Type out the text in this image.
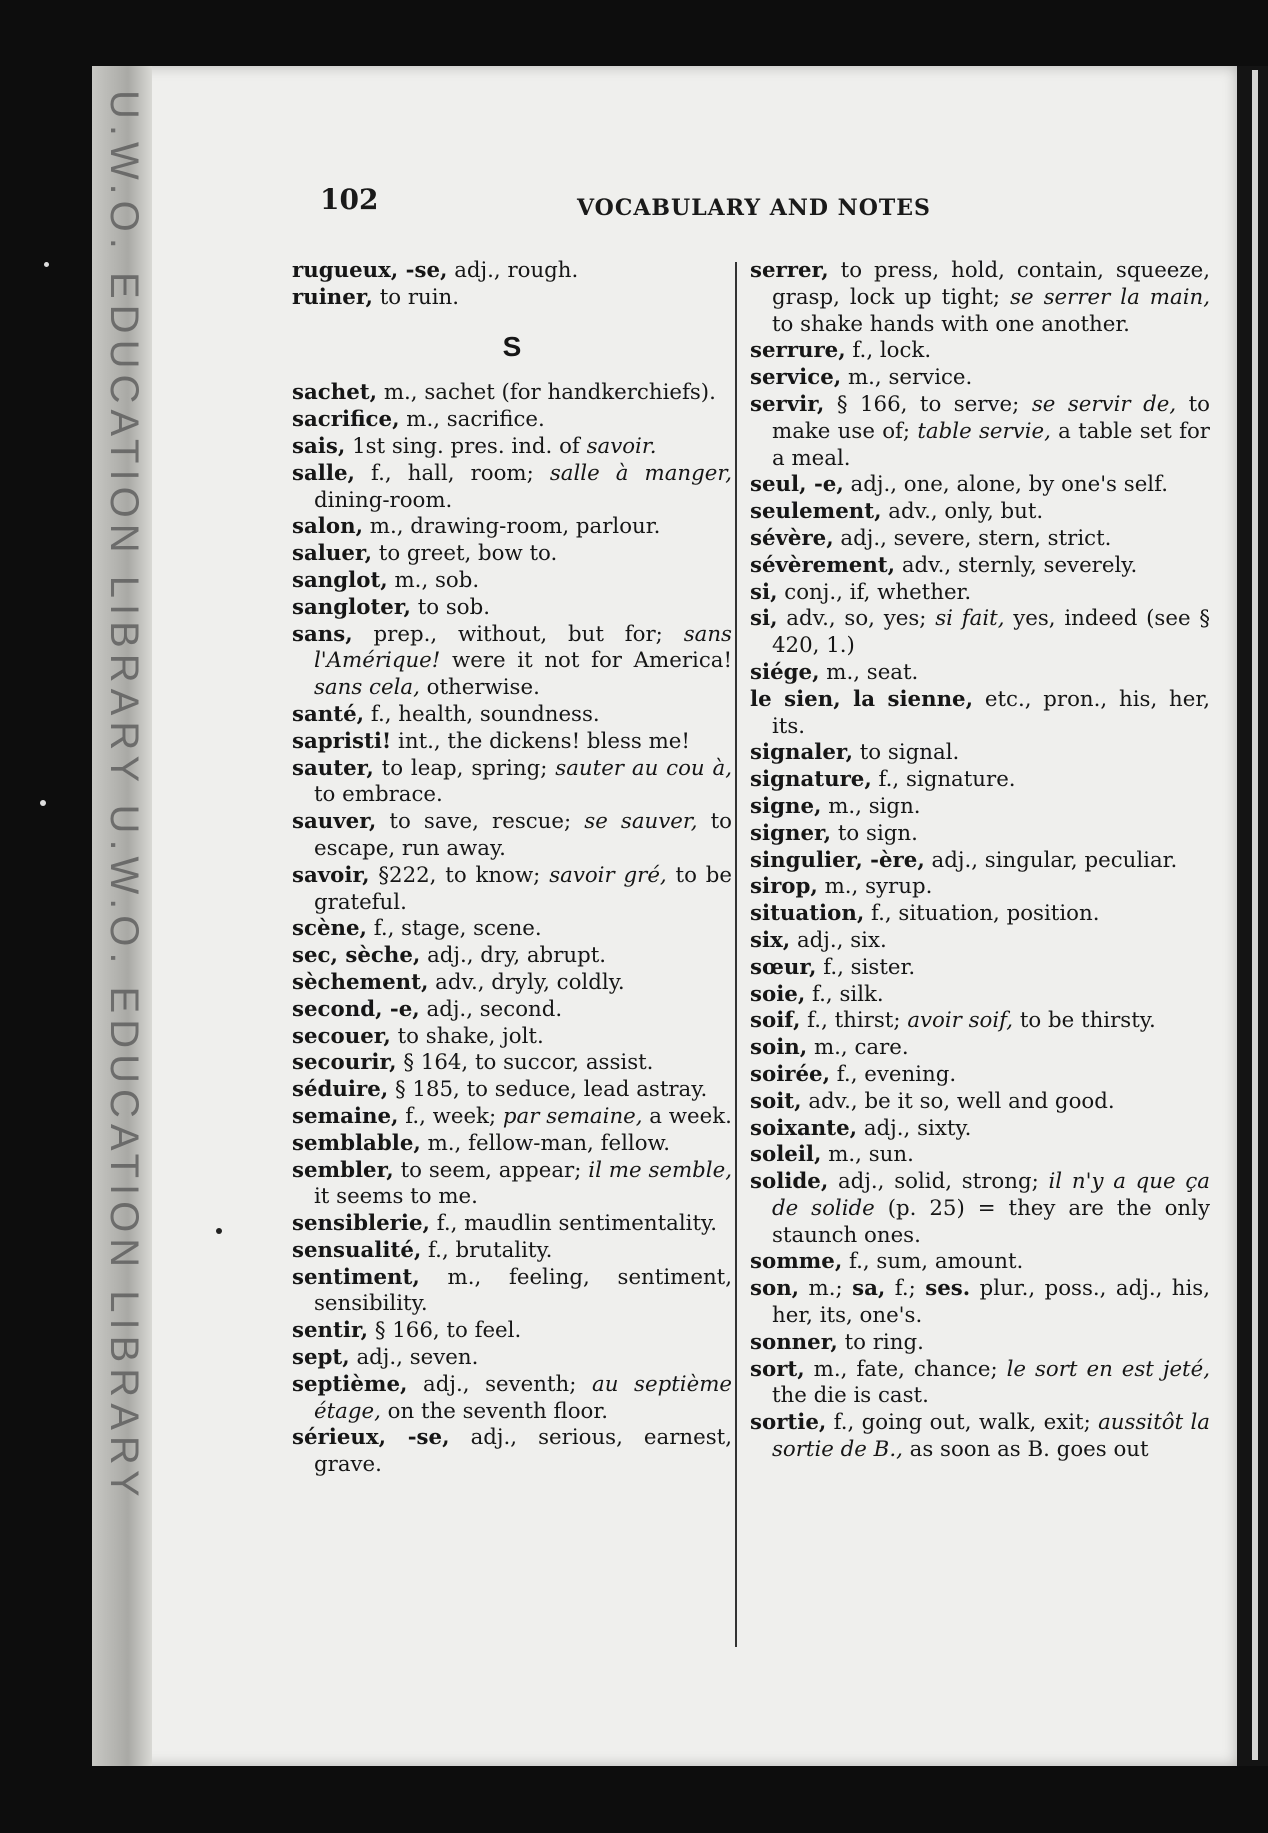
U.W.O. EDUCATION LIBRARY U.W.O. EDUCATION LIBRARY	102	VOCABULARY AND NOTES
rugueux, -se, adj., rough.
ruiner, to ruin.
S
sachet, m., sachet (for handkerchiefs).
sacrifice, m., sacrifice.
sais, 1st sing. pres. ind. of savoir.
salle, f., hall, room; salle à manger, dining-room.
salon, m., drawing-room, parlour.
saluer, to greet, bow to.
sanglot, m., sob.
sangloter, to sob.
sans, prep., without, but for; sans l'Amérique! were it not for America! sans cela, otherwise.
santé, f., health, soundness.
sapristi! int., the dickens! bless me!
sauter, to leap, spring; sauter au cou à, to embrace.
sauver, to save, rescue; se sauver, to escape, run away.
savoir, §222, to know; savoir gré, to be grateful.
scène, f., stage, scene.
sec, sèche, adj., dry, abrupt.
sèchement, adv., dryly, coldly.
second, -e, adj., second.
secouer, to shake, jolt.
secourir, § 164, to succor, assist.
séduire, § 185, to seduce, lead astray.
semaine, f., week; par semaine, a week.
semblable, m., fellow-man, fellow.
sembler, to seem, appear; il me semble, it seems to me.
sensiblerie, f., maudlin sentimentality.
sensualité, f., brutality.
sentiment, m., feeling, sentiment, sensibility.
sentir, § 166, to feel.
sept, adj., seven.
septième, adj., seventh; au septième étage, on the seventh floor.
sérieux, -se, adj., serious, earnest, grave.
serrer, to press, hold, contain, squeeze, grasp, lock up tight; se serrer la main, to shake hands with one another.
serrure, f., lock.
service, m., service.
servir, § 166, to serve; se servir de, to make use of; table servie, a table set for a meal.
seul, -e, adj., one, alone, by one's self.
seulement, adv., only, but.
sévère, adj., severe, stern, strict.
sévèrement, adv., sternly, severely.
si, conj., if, whether.
si, adv., so, yes; si fait, yes, indeed (see § 420, 1.)
siége, m., seat.
le sien, la sienne, etc., pron., his, her, its.
signaler, to signal.
signature, f., signature.
signe, m., sign.
signer, to sign.
singulier, -ère, adj., singular, peculiar.
sirop, m., syrup.
situation, f., situation, position.
six, adj., six.
sœur, f., sister.
soie, f., silk.
soif, f., thirst; avoir soif, to be thirsty.
soin, m., care.
soirée, f., evening.
soit, adv., be it so, well and good.
soixante, adj., sixty.
soleil, m., sun.
solide, adj., solid, strong; il n'y a que ça de solide (p. 25) = they are the only staunch ones.
somme, f., sum, amount.
son, m.; sa, f.; ses. plur., poss., adj., his, her, its, one's.
sonner, to ring.
sort, m., fate, chance; le sort en est jeté, the die is cast.
sortie, f., going out, walk, exit; aussitôt la sortie de B., as soon as B. goes out
